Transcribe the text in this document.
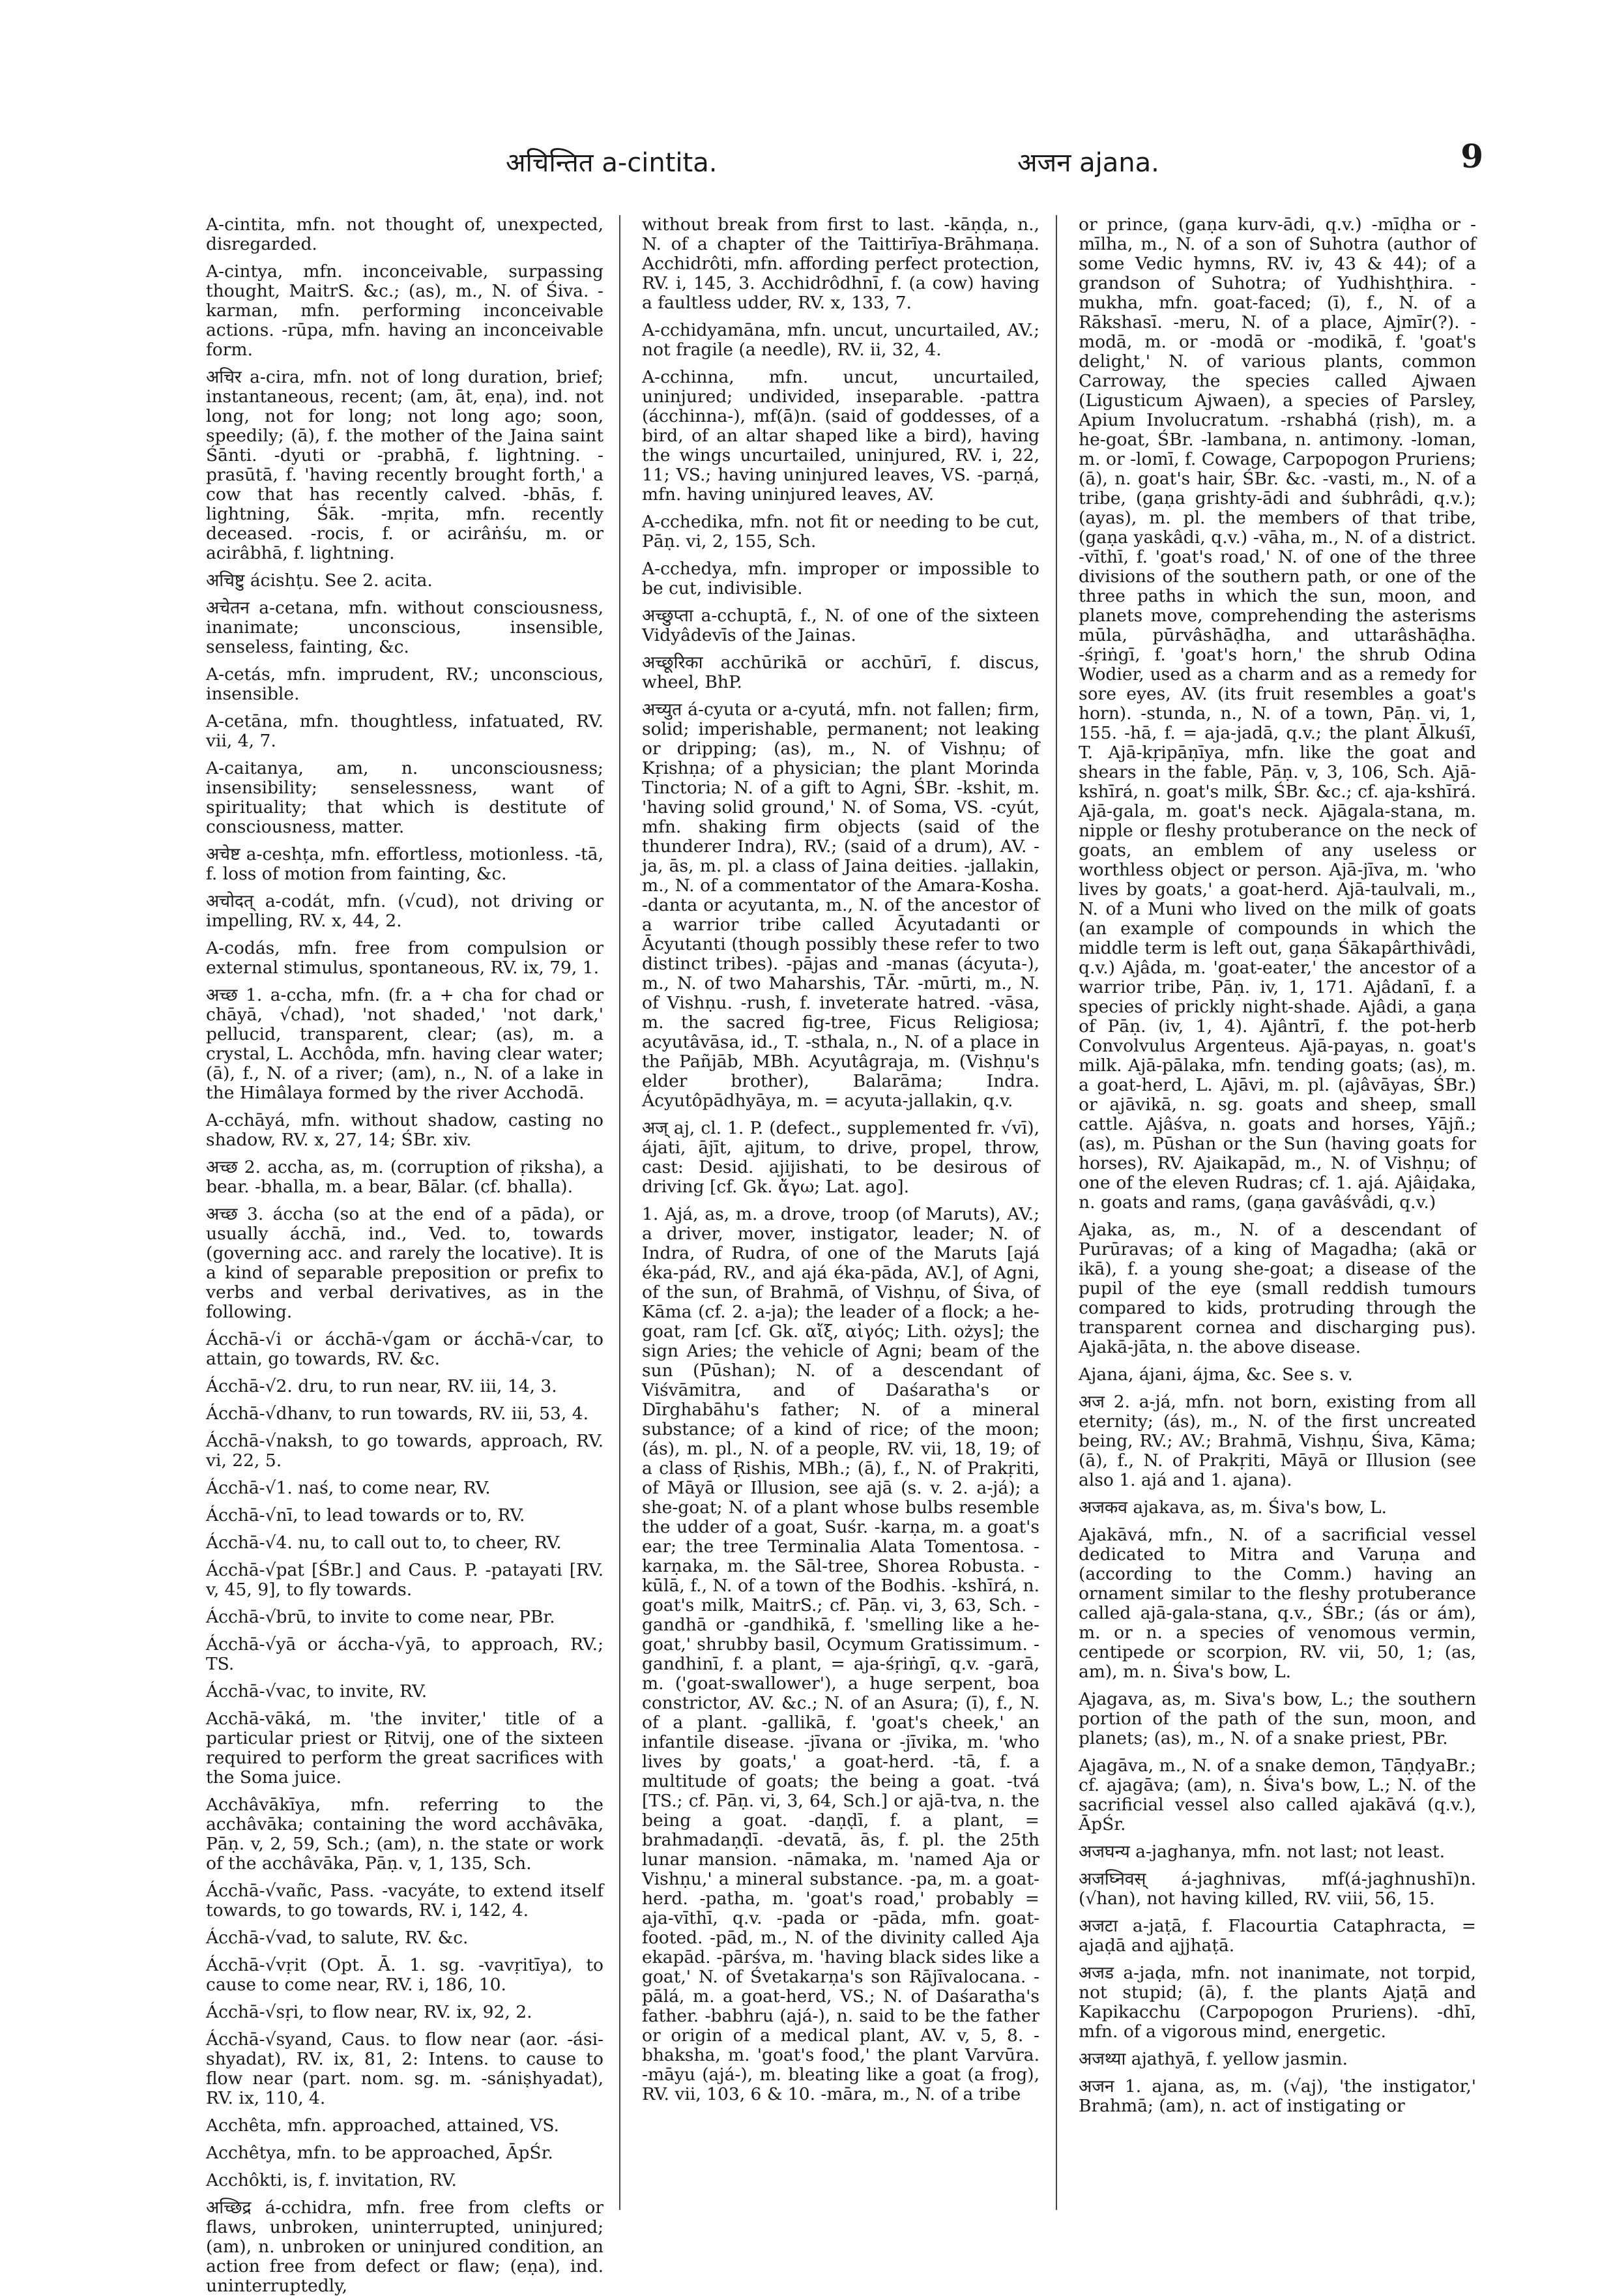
अचिन्तित a-cintita.	अजन ajana.	9

A-cintita, mfn. not thought of, unexpected, disregarded.

A-cintya, mfn. inconceivable, surpassing thought, MaitrS. &c.; (as), m., N. of Śiva. -karman, mfn. performing inconceivable actions. -rūpa, mfn. having an inconceivable form.

अचिर a-cira, mfn. not of long duration, brief; instantaneous, recent; (am, āt, eṇa), ind. not long, not for long; not long ago; soon, speedily; (ā), f. the mother of the Jaina saint Śānti. -dyuti or -prabhā, f. lightning. -prasūtā, f. 'having recently brought forth,' a cow that has recently calved. -bhās, f. lightning, Śāk. -mṛita, mfn. recently deceased. -rocis, f. or acirâṅśu, m. or acirâbhā, f. lightning.

अचिष्टु ácishṭu. See 2. acita.

अचेतन a-cetana, mfn. without consciousness, inanimate; unconscious, insensible, senseless, fainting, &c.

A-cetás, mfn. imprudent, RV.; unconscious, insensible.

A-cetāna, mfn. thoughtless, infatuated, RV. vii, 4, 7.

A-caitanya, am, n. unconsciousness; insensibility; senselessness, want of spirituality; that which is destitute of consciousness, matter.

अचेष्ट a-ceshṭa, mfn. effortless, motionless. -tā, f. loss of motion from fainting, &c.

अचोदत् a-codát, mfn. (√cud), not driving or impelling, RV. x, 44, 2.

A-codás, mfn. free from compulsion or external stimulus, spontaneous, RV. ix, 79, 1.

अच्छ 1. a-ccha, mfn. (fr. a + cha for chad or chāyā, √chad), 'not shaded,' 'not dark,' pellucid, transparent, clear; (as), m. a crystal, L. Acchôda, mfn. having clear water; (ā), f., N. of a river; (am), n., N. of a lake in the Himâlaya formed by the river Acchodā.

A-cchāyá, mfn. without shadow, casting no shadow, RV. x, 27, 14; ŚBr. xiv.

अच्छ 2. accha, as, m. (corruption of ṛiksha), a bear. -bhalla, m. a bear, Bālar. (cf. bhalla).

अच्छ 3. áccha (so at the end of a pāda), or usually ácchā, ind., Ved. to, towards (governing acc. and rarely the locative). It is a kind of separable preposition or prefix to verbs and verbal derivatives, as in the following.

Ácchā-√i or ácchā-√gam or ácchā-√car, to attain, go towards, RV. &c.

Ácchā-√2. dru, to run near, RV. iii, 14, 3.

Ácchā-√dhanv, to run towards, RV. iii, 53, 4.

Ácchā-√naksh, to go towards, approach, RV. vi, 22, 5.

Ácchā-√1. naś, to come near, RV.

Ácchā-√nī, to lead towards or to, RV.

Ácchā-√4. nu, to call out to, to cheer, RV.

Ácchā-√pat [ŚBr.] and Caus. P. -patayati [RV. v, 45, 9], to fly towards.

Ácchā-√brū, to invite to come near, PBr.

Ácchā-√yā or áccha-√yā, to approach, RV.; TS.

Ácchā-√vac, to invite, RV.

Acchā-vāká, m. 'the inviter,' title of a particular priest or Ṛitvij, one of the sixteen required to perform the great sacrifices with the Soma juice.

Acchâvākīya, mfn. referring to the acchâvāka; containing the word acchâvāka, Pāṇ. v, 2, 59, Sch.; (am), n. the state or work of the acchâvāka, Pāṇ. v, 1, 135, Sch.

Ácchā-√vañc, Pass. -vacyáte, to extend itself towards, to go towards, RV. i, 142, 4.

Ácchā-√vad, to salute, RV. &c.

Ácchā-√vṛit (Opt. Ā. 1. sg. -vavṛitīya), to cause to come near, RV. i, 186, 10.

Ácchā-√sṛi, to flow near, RV. ix, 92, 2.

Ácchā-√syand, Caus. to flow near (aor. -ási-shyadat), RV. ix, 81, 2: Intens. to cause to flow near (part. nom. sg. m. -sániṣhyadat), RV. ix, 110, 4.

Acchêta, mfn. approached, attained, VS.

Acchêtya, mfn. to be approached, ĀpŚr.

Acchôkti, is, f. invitation, RV.

अच्छिद्र á-cchidra, mfn. free from clefts or flaws, unbroken, uninterrupted, uninjured; (am), n. unbroken or uninjured condition, an action free from defect or flaw; (eṇa), ind. uninterruptedly,

without break from first to last. -kāṇḍa, n., N. of a chapter of the Taittirīya-Brāhmaṇa. Acchidrôti, mfn. affording perfect protection, RV. i, 145, 3. Acchidrôdhnī, f. (a cow) having a faultless udder, RV. x, 133, 7.

A-cchidyamāna, mfn. uncut, uncurtailed, AV.; not fragile (a needle), RV. ii, 32, 4.

A-cchinna, mfn. uncut, uncurtailed, uninjured; undivided, inseparable. -pattra (ácchinna-), mf(ā)n. (said of goddesses, of a bird, of an altar shaped like a bird), having the wings uncurtailed, uninjured, RV. i, 22, 11; VS.; having uninjured leaves, VS. -parṇá, mfn. having uninjured leaves, AV.

A-cchedika, mfn. not fit or needing to be cut, Pāṇ. vi, 2, 155, Sch.

A-cchedya, mfn. improper or impossible to be cut, indivisible.

अच्छुप्ता a-cchuptā, f., N. of one of the sixteen Vidyâdevīs of the Jainas.

अच्छूरिका acchūrikā or acchūrī, f. discus, wheel, BhP.

अच्युत á-cyuta or a-cyutá, mfn. not fallen; firm, solid; imperishable, permanent; not leaking or dripping; (as), m., N. of Vishṇu; of Kṛishṇa; of a physician; the plant Morinda Tinctoria; N. of a gift to Agni, ŚBr. -kshit, m. 'having solid ground,' N. of Soma, VS. -cyút, mfn. shaking firm objects (said of the thunderer Indra), RV.; (said of a drum), AV. -ja, ās, m. pl. a class of Jaina deities. -jallakin, m., N. of a commentator of the Amara-Kosha. -danta or acyutanta, m., N. of the ancestor of a warrior tribe called Ācyutadanti or Ācyutanti (though possibly these refer to two distinct tribes). -pājas and -manas (ácyuta-), m., N. of two Maharshis, TĀr. -mūrti, m., N. of Vishṇu. -rush, f. inveterate hatred. -vāsa, m. the sacred fig-tree, Ficus Religiosa; acyutâvāsa, id., T. -sthala, n., N. of a place in the Pañjāb, MBh. Acyutâgraja, m. (Vishṇu's elder brother), Balarāma; Indra. Ácyutôpādhyāya, m. = acyuta-jallakin, q.v.

अज् aj, cl. 1. P. (defect., supplemented fr. √vī), ájati, ājīt, ajitum, to drive, propel, throw, cast: Desid. ajijishati, to be desirous of driving [cf. Gk. ἄγω; Lat. ago].

1. Ajá, as, m. a drove, troop (of Maruts), AV.; a driver, mover, instigator, leader; N. of Indra, of Rudra, of one of the Maruts [ajá éka-pád, RV., and ajá éka-pāda, AV.], of Agni, of the sun, of Brahmā, of Vishṇu, of Śiva, of Kāma (cf. 2. a-ja); the leader of a flock; a he-goat, ram [cf. Gk. αἴξ, αἰγός; Lith. ożys]; the sign Aries; the vehicle of Agni; beam of the sun (Pūshan); N. of a descendant of Viśvāmitra, and of Daśaratha's or Dīrghabāhu's father; N. of a mineral substance; of a kind of rice; of the moon; (ás), m. pl., N. of a people, RV. vii, 18, 19; of a class of Ṛishis, MBh.; (ā), f., N. of Prakṛiti, of Māyā or Illusion, see ajā (s. v. 2. a-já); a she-goat; N. of a plant whose bulbs resemble the udder of a goat, Suśr. -karṇa, m. a goat's ear; the tree Terminalia Alata Tomentosa. -karṇaka, m. the Sāl-tree, Shorea Robusta. -kūlā, f., N. of a town of the Bodhis. -kshīrá, n. goat's milk, MaitrS.; cf. Pāṇ. vi, 3, 63, Sch. -gandhā or -gandhikā, f. 'smelling like a he-goat,' shrubby basil, Ocymum Gratissimum. -gandhinī, f. a plant, = aja-śṛiṅgī, q.v. -garā, m. ('goat-swallower'), a huge serpent, boa constrictor, AV. &c.; N. of an Asura; (ī), f., N. of a plant. -gallikā, f. 'goat's cheek,' an infantile disease. -jīvana or -jīvika, m. 'who lives by goats,' a goat-herd. -tā, f. a multitude of goats; the being a goat. -tvá [TS.; cf. Pāṇ. vi, 3, 64, Sch.] or ajā-tva, n. the being a goat. -daṇḍī, f. a plant, = brahmadaṇḍī. -devatā, ās, f. pl. the 25th lunar mansion. -nāmaka, m. 'named Aja or Vishṇu,' a mineral substance. -pa, m. a goat-herd. -patha, m. 'goat's road,' probably = aja-vīthī, q.v. -pada or -pāda, mfn. goat-footed. -pād, m., N. of the divinity called Aja ekapād. -pārśva, m. 'having black sides like a goat,' N. of Śvetakarṇa's son Rājīvalocana. -pālá, m. a goat-herd, VS.; N. of Daśaratha's father. -babhru (ajá-), n. said to be the father or origin of a medical plant, AV. v, 5, 8. -bhaksha, m. 'goat's food,' the plant Varvūra. -māyu (ajá-), m. bleating like a goat (a frog), RV. vii, 103, 6 & 10. -māra, m., N. of a tribe

or prince, (gaṇa kurv-ādi, q.v.) -mīḍha or -mīlha, m., N. of a son of Suhotra (author of some Vedic hymns, RV. iv, 43 & 44); of a grandson of Suhotra; of Yudhishṭhira. -mukha, mfn. goat-faced; (ī), f., N. of a Rākshasī. -meru, N. of a place, Ajmīr(?). -modā, m. or -modā or -modikā, f. 'goat's delight,' N. of various plants, common Carroway, the species called Ajwaen (Ligusticum Ajwaen), a species of Parsley, Apium Involucratum. -rshabhá (ṛish), m. a he-goat, ŚBr. -lambana, n. antimony. -loman, m. or -lomī, f. Cowage, Carpopogon Pruriens; (ā), n. goat's hair, ŚBr. &c. -vasti, m., N. of a tribe, (gaṇa grishty-ādi and śubhrâdi, q.v.); (ayas), m. pl. the members of that tribe, (gaṇa yaskâdi, q.v.) -vāha, m., N. of a district. -vīthī, f. 'goat's road,' N. of one of the three divisions of the southern path, or one of the three paths in which the sun, moon, and planets move, comprehending the asterisms mūla, pūrvâshāḍha, and uttarâshāḍha. -śṛiṅgī, f. 'goat's horn,' the shrub Odina Wodier, used as a charm and as a remedy for sore eyes, AV. (its fruit resembles a goat's horn). -stunda, n., N. of a town, Pāṇ. vi, 1, 155. -hā, f. = aja-jadā, q.v.; the plant Ālkuśī, T. Ajā-kṛipāṇīya, mfn. like the goat and shears in the fable, Pāṇ. v, 3, 106, Sch. Ajā-kshīrá, n. goat's milk, ŚBr. &c.; cf. aja-kshīrá. Ajā-gala, m. goat's neck. Ajāgala-stana, m. nipple or fleshy protuberance on the neck of goats, an emblem of any useless or worthless object or person. Ajā-jīva, m. 'who lives by goats,' a goat-herd. Ajā-taulvali, m., N. of a Muni who lived on the milk of goats (an example of compounds in which the middle term is left out, gaṇa Śākapârthivâdi, q.v.) Ajâda, m. 'goat-eater,' the ancestor of a warrior tribe, Pāṇ. iv, 1, 171. Ajâdanī, f. a species of prickly night-shade. Ajâdi, a gaṇa of Pāṇ. (iv, 1, 4). Ajântrī, f. the pot-herb Convolvulus Argenteus. Ajā-payas, n. goat's milk. Ajā-pālaka, mfn. tending goats; (as), m. a goat-herd, L. Ajāvi, m. pl. (ajâvāyas, ŚBr.) or ajāvikā, n. sg. goats and sheep, small cattle. Ajâśva, n. goats and horses, Yājñ.; (as), m. Pūshan or the Sun (having goats for horses), RV. Ajaikapād, m., N. of Vishṇu; of one of the eleven Rudras; cf. 1. ajá. Ajâiḍaka, n. goats and rams, (gaṇa gavâśvâdi, q.v.)

Ajaka, as, m., N. of a descendant of Purūravas; of a king of Magadha; (akā or ikā), f. a young she-goat; a disease of the pupil of the eye (small reddish tumours compared to kids, protruding through the transparent cornea and discharging pus). Ajakā-jāta, n. the above disease.

Ajana, ájani, ájma, &c. See s. v.

अज 2. a-já, mfn. not born, existing from all eternity; (ás), m., N. of the first uncreated being, RV.; AV.; Brahmā, Vishṇu, Śiva, Kāma; (ā), f., N. of Prakṛiti, Māyā or Illusion (see also 1. ajá and 1. ajana).

अजकव ajakava, as, m. Śiva's bow, L.

Ajakāvá, mfn., N. of a sacrificial vessel dedicated to Mitra and Varuṇa and (according to the Comm.) having an ornament similar to the fleshy protuberance called ajā-gala-stana, q.v., ŚBr.; (ás or ám), m. or n. a species of venomous vermin, centipede or scorpion, RV. vii, 50, 1; (as, am), m. n. Śiva's bow, L.

Ajagava, as, m. Siva's bow, L.; the southern portion of the path of the sun, moon, and planets; (as), m., N. of a snake priest, PBr.

Ajagāva, m., N. of a snake demon, TāṇḍyaBr.; cf. ajagāva; (am), n. Śiva's bow, L.; N. of the sacrificial vessel also called ajakāvá (q.v.), ĀpŚr.

अजघन्य a-jaghanya, mfn. not last; not least.

अजघ्निवस् á-jaghnivas, mf(á-jaghnushī)n. (√han), not having killed, RV. viii, 56, 15.

अजटा a-jaṭā, f. Flacourtia Cataphracta, = ajaḍā and ajjhaṭā.

अजड a-jaḍa, mfn. not inanimate, not torpid, not stupid; (ā), f. the plants Ajaṭā and Kapikacchu (Carpopogon Pruriens). -dhī, mfn. of a vigorous mind, energetic.

अजथ्या ajathyā, f. yellow jasmin.

अजन 1. ajana, as, m. (√aj), 'the instigator,' Brahmā; (am), n. act of instigating or
